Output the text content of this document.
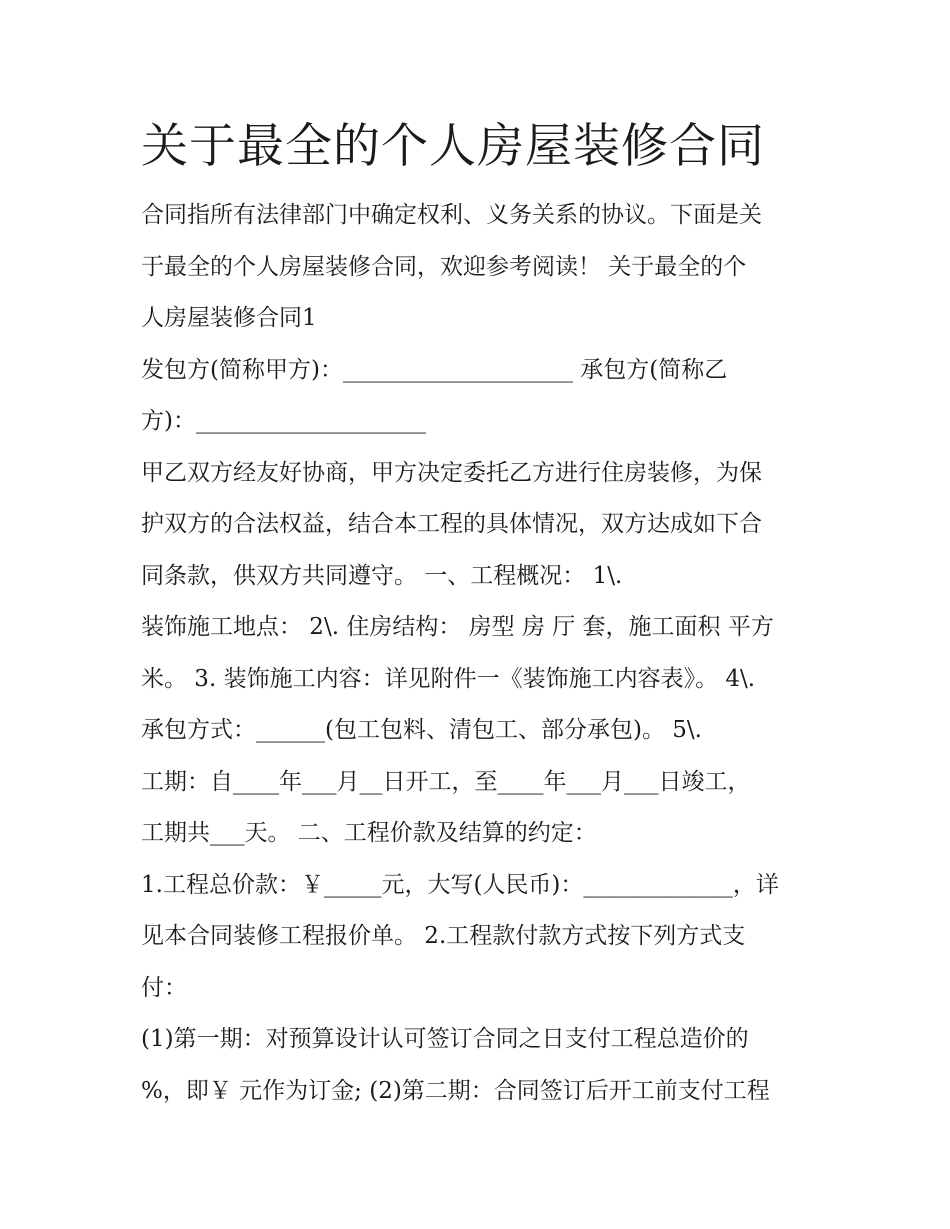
关于最全的个人房屋装修合同

合同指所有法律部门中确定权利、义务关系的协议。下面是关

于最全的个人房屋装修合同，欢迎参考阅读！ 关于最全的个

人房屋装修合同1

发包方(简称甲方)：____________________ 承包方(简称乙

方)：____________________

甲乙双方经友好协商，甲方决定委托乙方进行住房装修，为保

护双方的合法权益，结合本工程的具体情况，双方达成如下合

同条款，供双方共同遵守。 一、工程概况： 1\.

装饰施工地点： 2\. 住房结构： 房型 房 厅 套，施工面积 平方

米。 3. 装饰施工内容：详见附件一《装饰施工内容表》。 4\.

承包方式：______(包工包料、清包工、部分承包)。 5\.

工期：自____年___月__日开工，至____年___月___日竣工，

工期共___天。 二、工程价款及结算的约定：

1.工程总价款：￥_____元，大写(人民币)：_____________，详

见本合同装修工程报价单。 2.工程款付款方式按下列方式支

付：

(1)第一期：对预算设计认可签订合同之日支付工程总造价的

%，即￥ 元作为订金; (2)第二期：合同签订后开工前支付工程
